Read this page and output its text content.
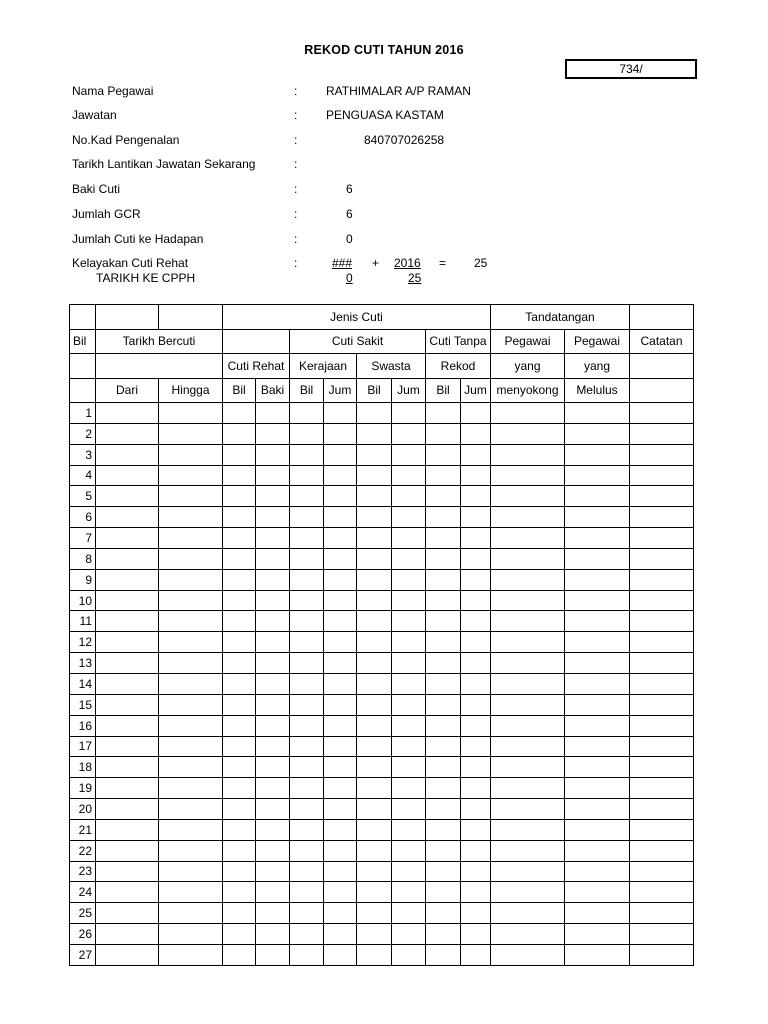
REKOD CUTI TAHUN 2016
734/
Nama Pegawai	: RATHIMALAR A/P RAMAN
Jawatan	: PENGUASA KASTAM
No.Kad Pengenalan	:	840707026258
Tarikh Lantikan Jawatan Sekarang	:
Baki Cuti	:	6
Jumlah GCR	:	6
Jumlah Cuti ke Hadapan	:	0
Kelayakan Cuti Rehat	:	### + 2016 = 25
TARIKH KE CPPH	0	25
			Jenis Cuti								Tandatangan		
Bil	Tarikh Bercuti				Cuti Sakit				Cuti Tanpa		Pegawai	Pegawai	Catatan
			Cuti Rehat		Kerajaan		Swasta		Rekod		yang	yang	
	Dari	Hingga	Bil	Baki	Bil	Jum	Bil	Jum	Bil	Jum	menyokong	Melulus	
1													
2													
3													
4													
5													
6													
7													
8													
9													
10													
11													
12													
13													
14													
15													
16													
17													
18													
19													
20													
21													
22													
23													
24													
25													
26													
27													
